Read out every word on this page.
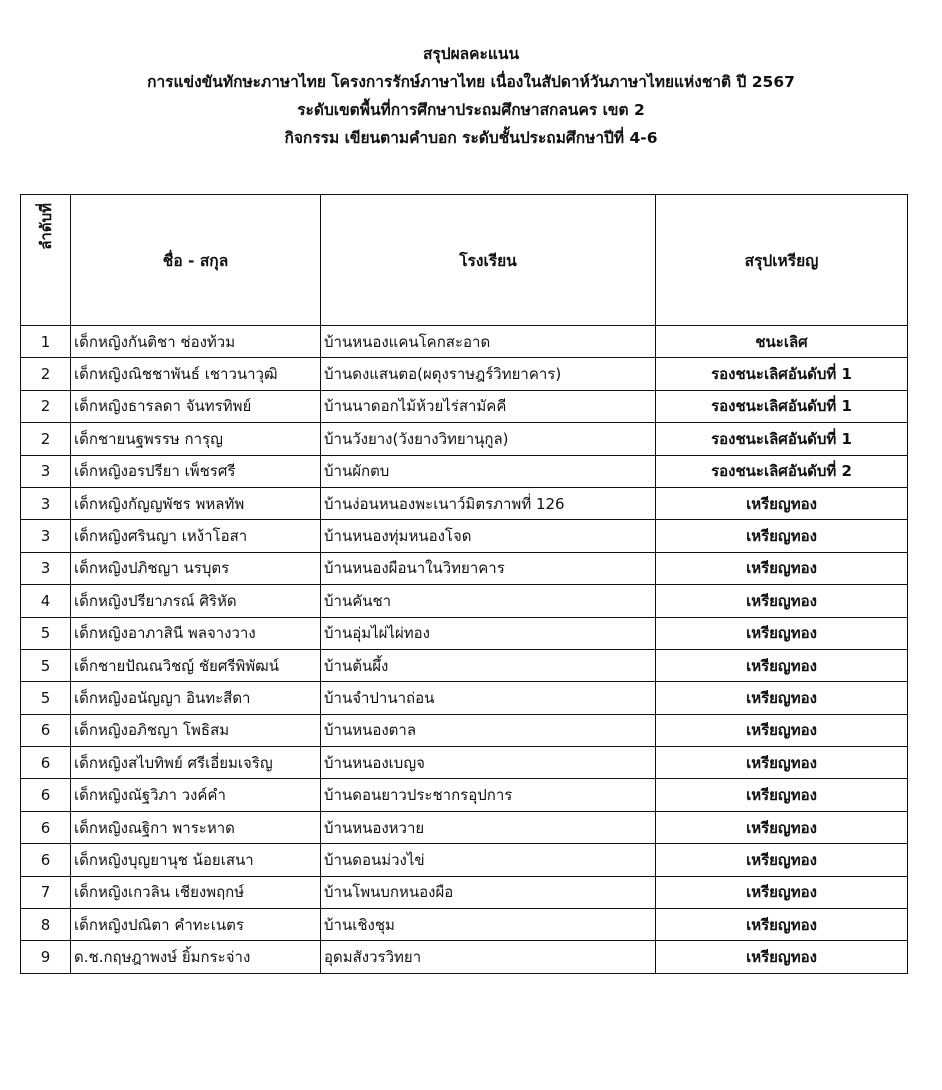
สรุปผลคะแนน
การแข่งขันทักษะภาษาไทย โครงการรักษ์ภาษาไทย เนื่องในสัปดาห์วันภาษาไทยแห่งชาติ ปี 2567
ระดับเขตพื้นที่การศึกษาประถมศึกษาสกลนคร เขต 2
กิจกรรม เขียนตามคำบอก ระดับชั้นประถมศึกษาปีที่ 4-6
ลำดับที่	ชื่อ - สกุล	โรงเรียน	สรุปเหรียญ
1	เด็กหญิงกันติชา ช่องท้วม	บ้านหนองแคนโคกสะอาด	ชนะเลิศ
2	เด็กหญิงณิชชาพันธ์ เชาวนาวุฒิ	บ้านดงแสนตอ(ผดุงราษฎร์วิทยาคาร)	รองชนะเลิศอันดับที่ 1
2	เด็กหญิงธารลดา จันทรทิพย์	บ้านนาดอกไม้ห้วยไร่สามัคคี	รองชนะเลิศอันดับที่ 1
2	เด็กชายนฐพรรษ การุญ	บ้านวังยาง(วังยางวิทยานุกูล)	รองชนะเลิศอันดับที่ 1
3	เด็กหญิงอรปรียา เพ็ชรศรี	บ้านผักตบ	รองชนะเลิศอันดับที่ 2
3	เด็กหญิงกัญญพัชร พหลทัพ	บ้านง่อนหนองพะเนาว์มิตรภาพที่ 126	เหรียญทอง
3	เด็กหญิงศรินญา เหง้าโอสา	บ้านหนองทุ่มหนองโจด	เหรียญทอง
3	เด็กหญิงปภิชญา นรบุตร	บ้านหนองผือนาในวิทยาคาร	เหรียญทอง
4	เด็กหญิงปรียาภรณ์ ศิริหัด	บ้านคันชา	เหรียญทอง
5	เด็กหญิงอาภาสินี พลจางวาง	บ้านอุ่มไผ่ไผ่ทอง	เหรียญทอง
5	เด็กชายปัณณวิชญ์ ชัยศรีพิพัฒน์	บ้านต้นผึ้ง	เหรียญทอง
5	เด็กหญิงอนัญญา อินทะสีดา	บ้านจำปานาถ่อน	เหรียญทอง
6	เด็กหญิงอภิชญา โพธิสม	บ้านหนองตาล	เหรียญทอง
6	เด็กหญิงสไบทิพย์ ศรีเอี่ยมเจริญ	บ้านหนองเบญจ	เหรียญทอง
6	เด็กหญิงณัฐวิภา วงค์คำ	บ้านดอนยาวประชากรอุปการ	เหรียญทอง
6	เด็กหญิงณฐิกา พาระหาด	บ้านหนองหวาย	เหรียญทอง
6	เด็กหญิงบุญยานุช น้อยเสนา	บ้านดอนม่วงไข่	เหรียญทอง
7	เด็กหญิงเกวลิน เชียงพฤกษ์	บ้านโพนบกหนองผือ	เหรียญทอง
8	เด็กหญิงปณิตา คำทะเนตร	บ้านเชิงชุม	เหรียญทอง
9	ด.ช.กฤษฎาพงษ์ ยิ้มกระจ่าง	อุดมสังวรวิทยา	เหรียญทอง
